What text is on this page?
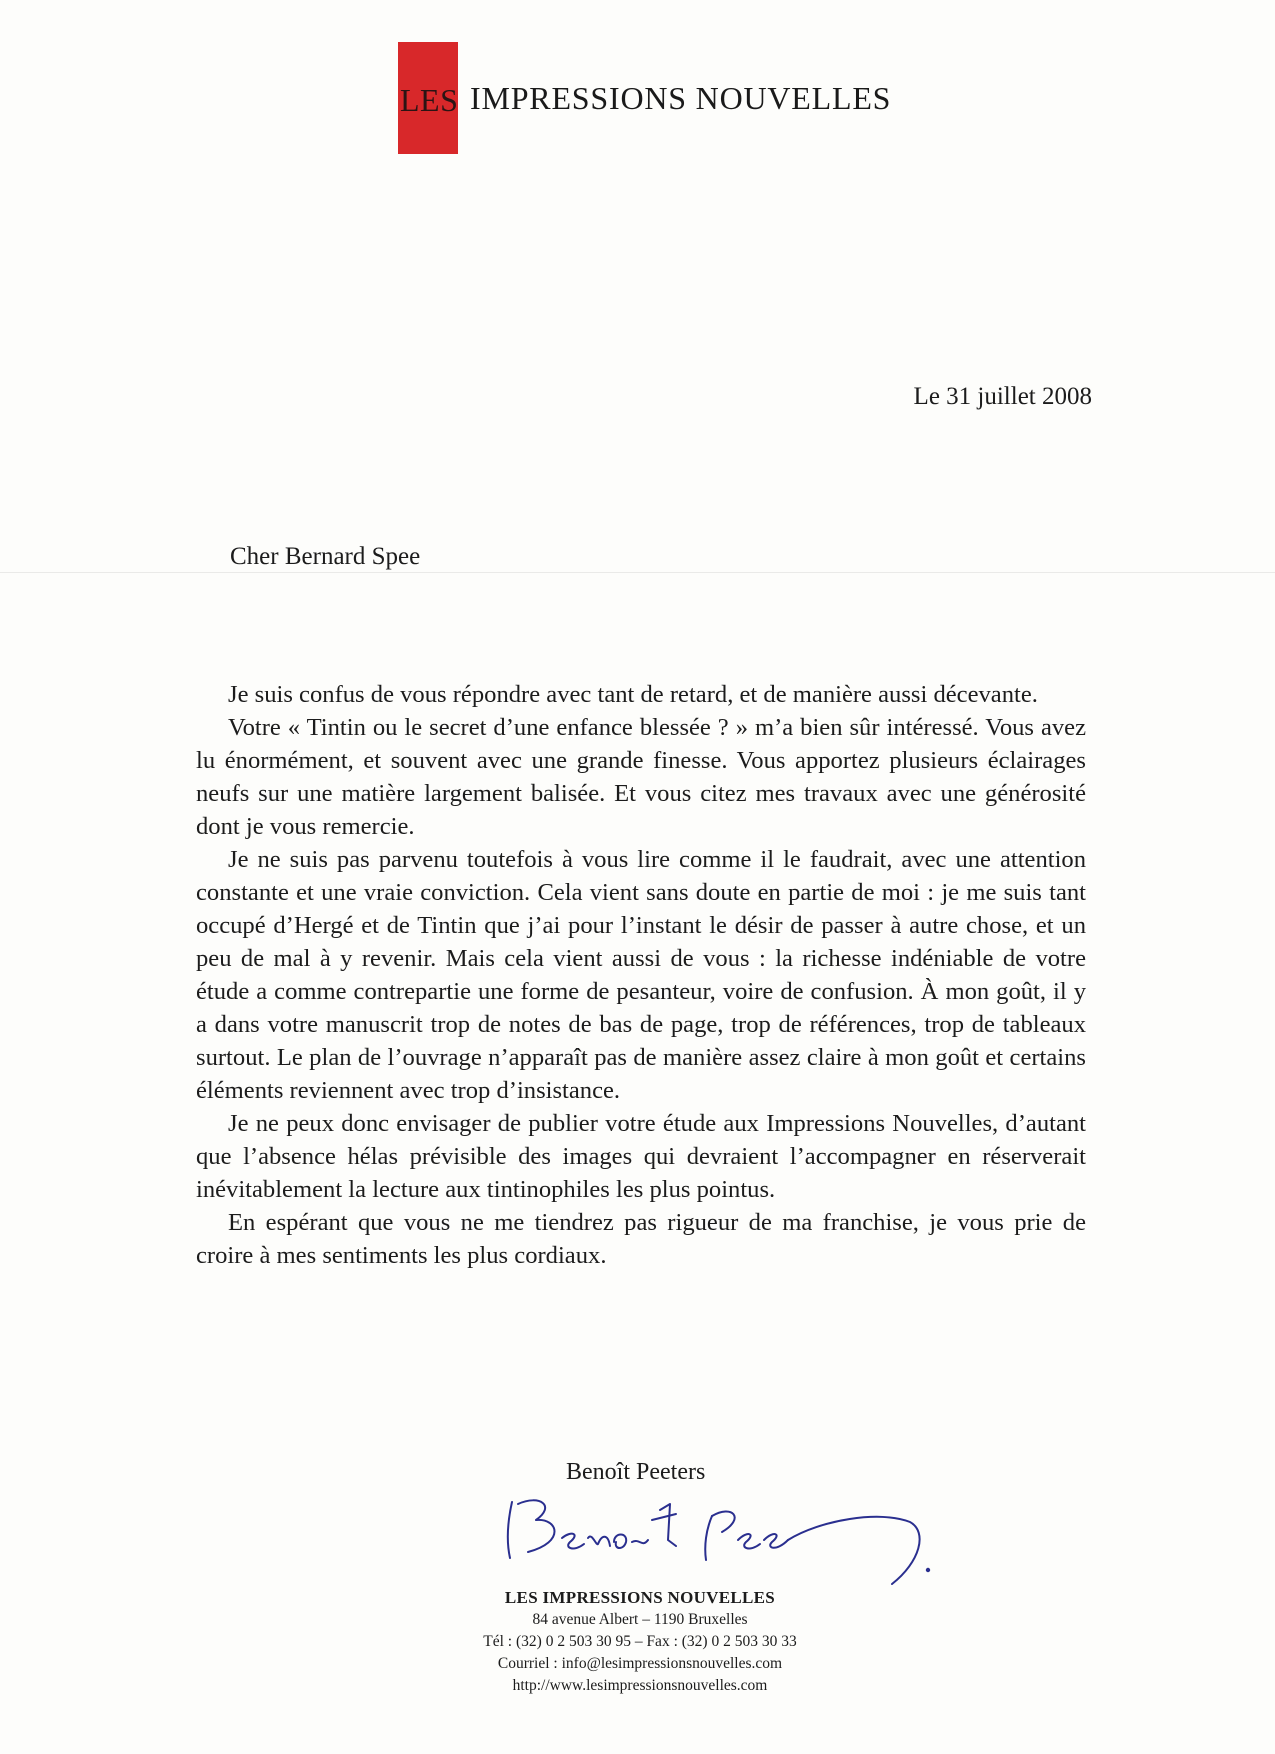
LES IMPRESSIONS NOUVELLES
Le 31 juillet 2008
Cher Bernard Spee

Je suis confus de vous répondre avec tant de retard, et de manière aussi décevante.

Votre « Tintin ou le secret d’une enfance blessée ? » m’a bien sûr intéressé. Vous avez lu énormément, et souvent avec une grande finesse. Vous apportez plusieurs éclairages neufs sur une matière largement balisée. Et vous citez mes travaux avec une générosité dont je vous remercie.

Je ne suis pas parvenu toutefois à vous lire comme il le faudrait, avec une attention constante et une vraie conviction. Cela vient sans doute en partie de moi : je me suis tant occupé d’Hergé et de Tintin que j’ai pour l’instant le désir de passer à autre chose, et un peu de mal à y revenir. Mais cela vient aussi de vous : la richesse indéniable de votre étude a comme contrepartie une forme de pesanteur, voire de confusion. À mon goût, il y a dans votre manuscrit trop de notes de bas de page, trop de références, trop de tableaux surtout. Le plan de l’ouvrage n’apparaît pas de manière assez claire à mon goût et certains éléments reviennent avec trop d’insistance.

Je ne peux donc envisager de publier votre étude aux Impressions Nouvelles, d’autant que l’absence hélas prévisible des images qui devraient l’accompagner en réserverait inévitablement la lecture aux tintinophiles les plus pointus.

En espérant que vous ne me tiendrez pas rigueur de ma franchise, je vous prie de croire à mes sentiments les plus cordiaux.

Benoît Peeters
LES IMPRESSIONS NOUVELLES
84 avenue Albert – 1190 Bruxelles
Tél : (32) 0 2 503 30 95 – Fax : (32) 0 2 503 30 33
Courriel : info@lesimpressionsnouvelles.com
http://www.lesimpressionsnouvelles.com
